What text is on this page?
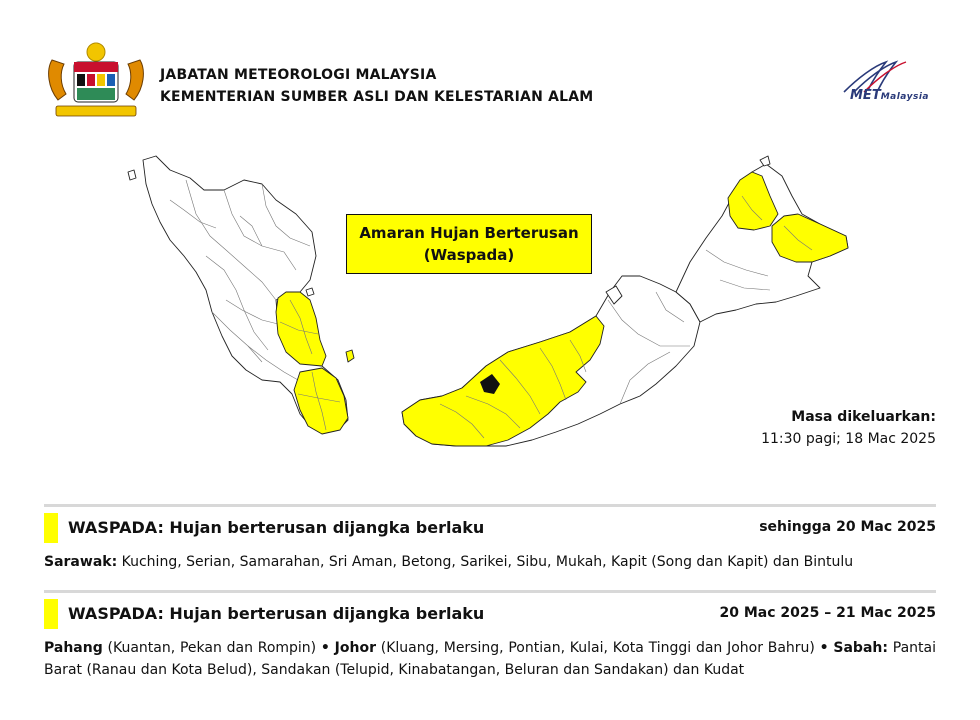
JABATAN METEOROLOGI MALAYSIA
KEMENTERIAN SUMBER ASLI DAN KELESTARIAN ALAM	METMalaysia
Amaran Hujan Berterusan
(Waspada)
Masa dikeluarkan:
11:30 pagi; 18 Mac 2025
WASPADA: Hujan berterusan dijangka berlaku	sehingga 20 Mac 2025
Sarawak: Kuching, Serian, Samarahan, Sri Aman, Betong, Sarikei, Sibu, Mukah, Kapit (Song dan Kapit) dan Bintulu
WASPADA: Hujan berterusan dijangka berlaku	20 Mac 2025 – 21 Mac 2025
Pahang (Kuantan, Pekan dan Rompin) • Johor (Kluang, Mersing, Pontian, Kulai, Kota Tinggi dan Johor Bahru) • Sabah: Pantai Barat (Ranau dan Kota Belud), Sandakan (Telupid, Kinabatangan, Beluran dan Sandakan) dan Kudat
